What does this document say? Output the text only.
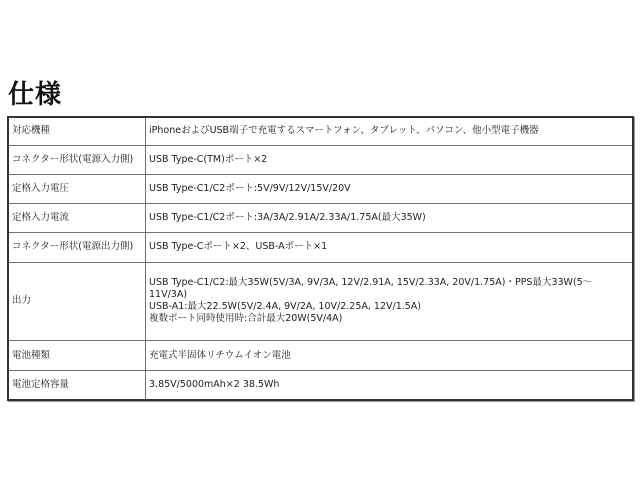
仕様
対応機種	iPhoneおよびUSB端子で充電するスマートフォン、タブレット、パソコン、他小型電子機器

コネクター形状(電源入力側)	USB Type-C(TM)ポート×2

定格入力電圧	USB Type-C1/C2ポート:5V/9V/12V/15V/20V

定格入力電流	USB Type-C1/C2ポート:3A/3A/2.91A/2.33A/1.75A(最大35W)

コネクター形状(電源出力側)	USB Type-Cポート×2、USB-Aポート×1

出力	USB Type-C1/C2:最大35W(5V/3A, 9V/3A, 12V/2.91A, 15V/2.33A, 20V/1.75A)・PPS最大33W(5〜11V/3A)
USB-A1:最大22.5W(5V/2.4A, 9V/2A, 10V/2.25A, 12V/1.5A)
複数ポート同時使用時:合計最大20W(5V/4A)

電池種類	充電式半固体リチウムイオン電池

電池定格容量	3.85V/5000mAh×2 38.5Wh
